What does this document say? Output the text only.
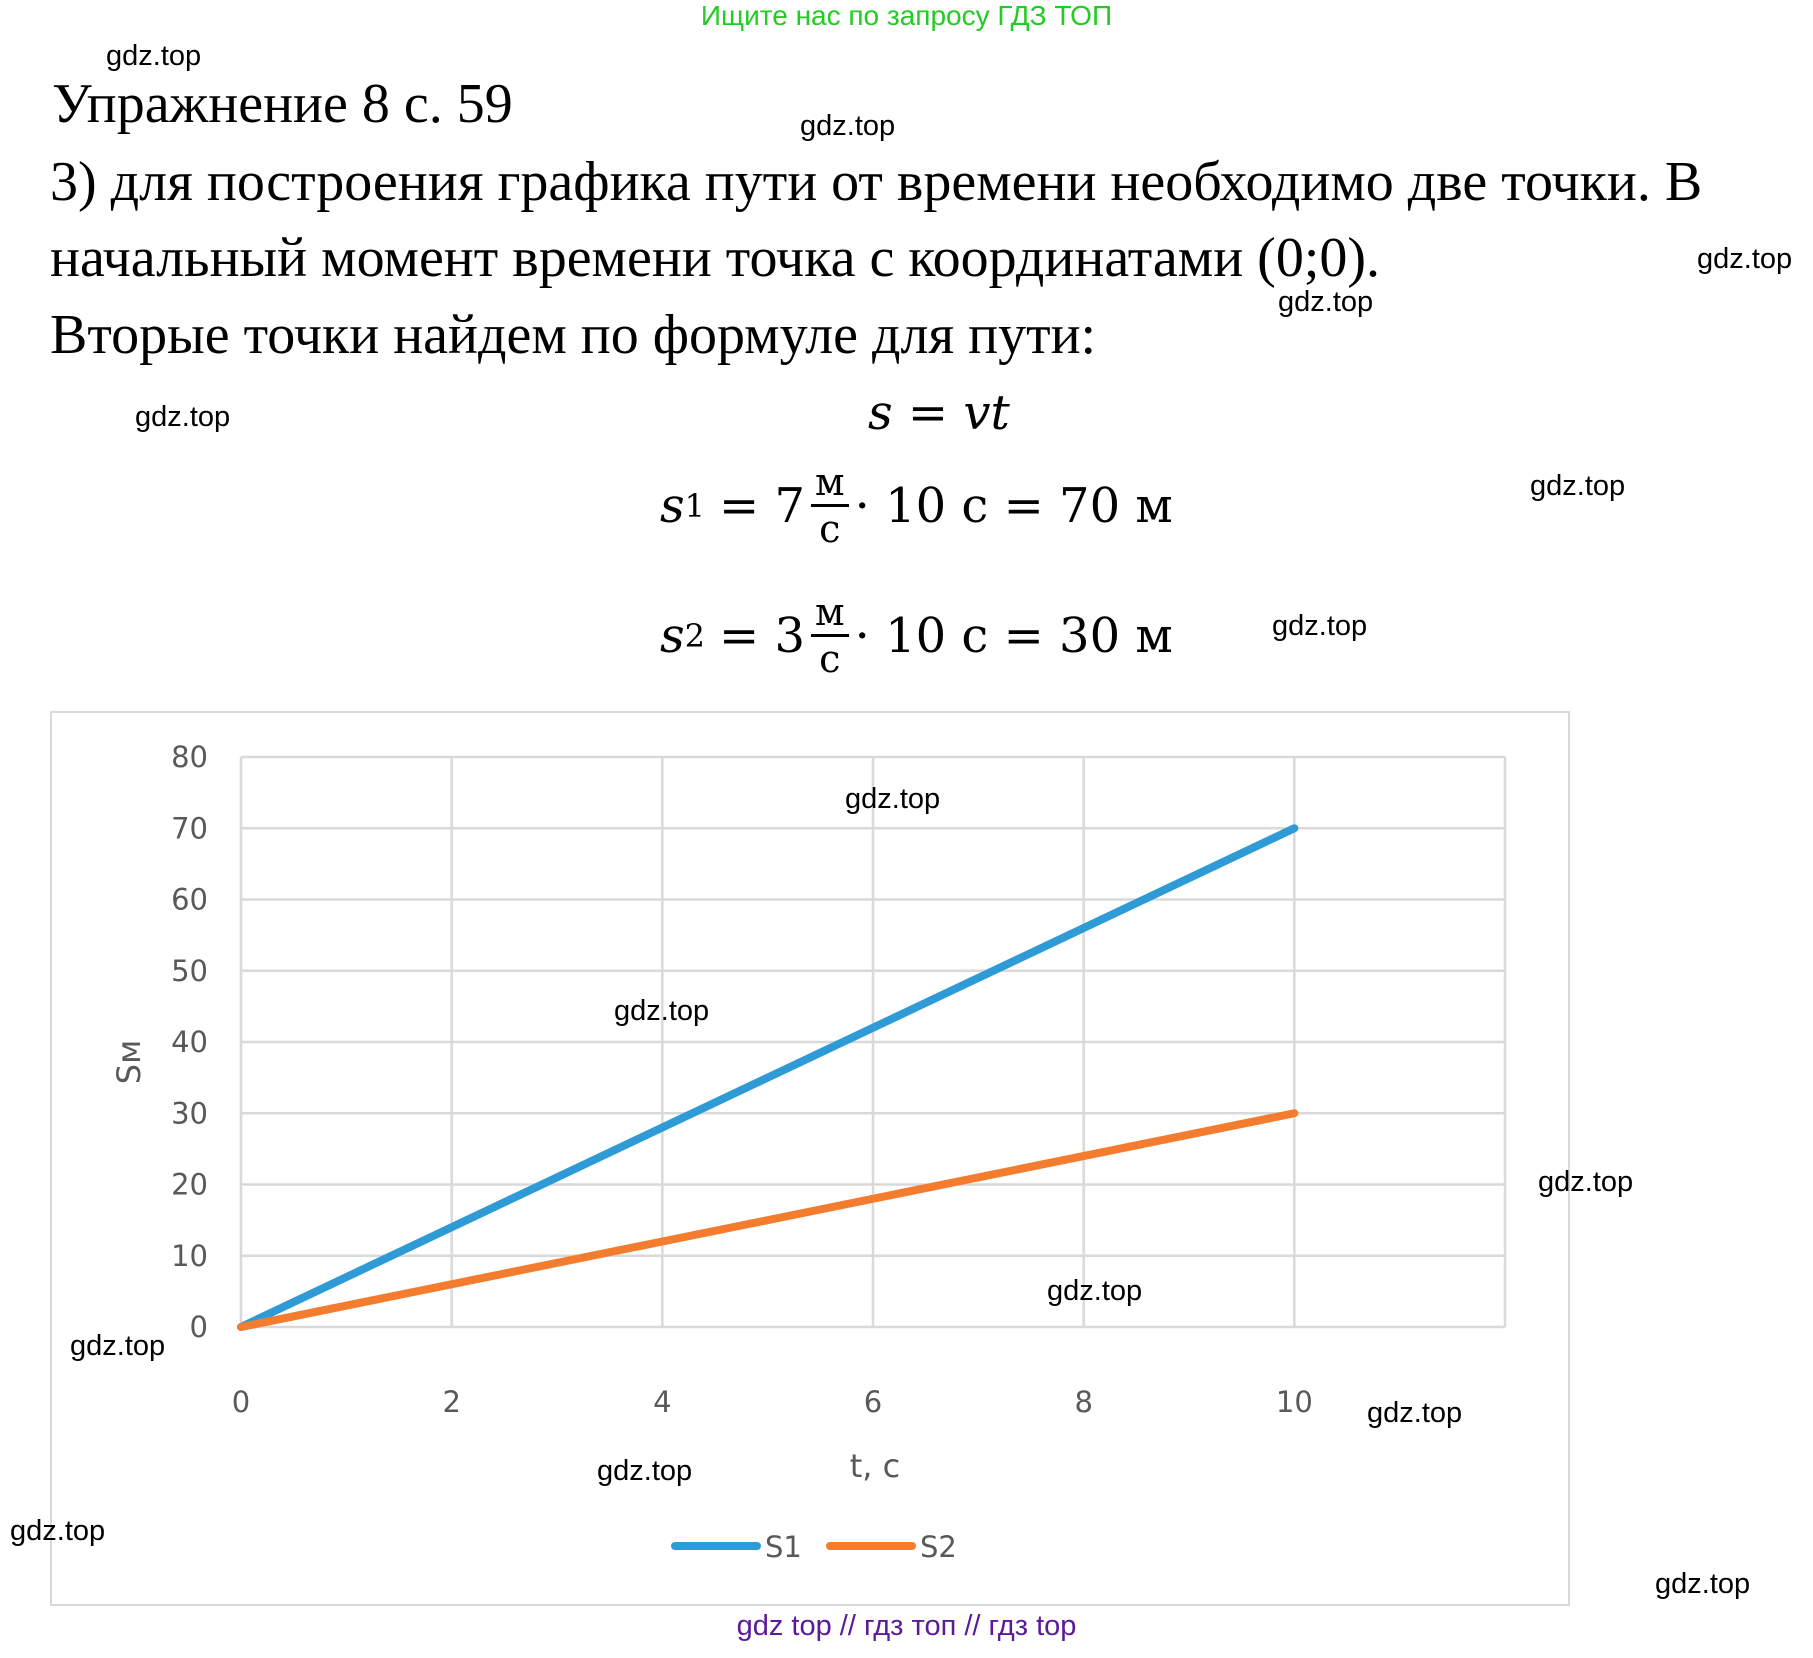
Ищите нас по запросу ГДЗ ТОП
Упражнение 8 с. 59
3) для построения графика пути от времени необходимо две точки. В
начальный момент времени точка с координатами (0;0).
Вторые точки найдем по формуле для пути:
s = vt
s $1 = 7 \frac{м}{с} \cdot 10$ с = 70 м
s $2 = 3 \frac{м}{с} \cdot 10$ с = 30 м
0
10
20
30
40
50
60
70
80
0	2	4	6	8	10
t, с
Sм
S1	S2
gdz.top
gdz.top
gdz.top
gdz.top
gdz.top
gdz.top
gdz.top
gdz.top
gdz.top
gdz.top
gdz.top
gdz.top
gdz.top
gdz.top
gdz.top
gdz.top
gdz top // гдз топ // гдз top
